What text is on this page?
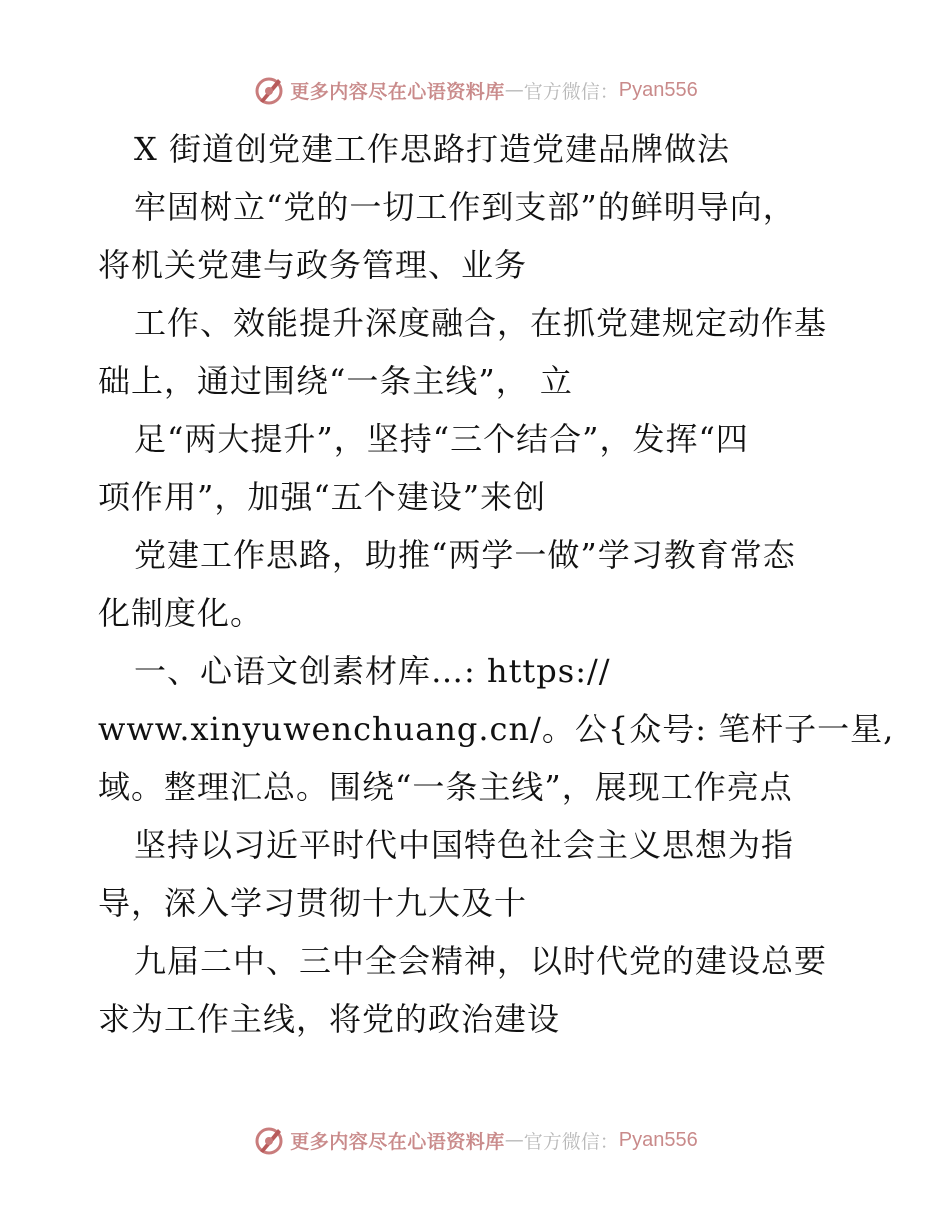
更多内容尽在心语资料库 — 官方微信： Pyan556
X 街道创党建工作思路打造党建品牌做法
牢固树立“党的一切工作到支部”的鲜明导向，
将机关党建与政务管理、业务
工作、效能提升深度融合，在抓党建规定动作基
础上，通过围绕“一条主线”， 立
足“两大提升”，坚持“三个结合”，发挥“四
项作用”，加强“五个建设”来创
党建工作思路，助推“两学一做”学习教育常态
化制度化。
一、心语文创素材库…: https://
www.xinyuwenchuang.cn/。公{众号: 笔杆子一星,
域。整理汇总。围绕“一条主线”，展现工作亮点
坚持以习近平时代中国特色社会主义思想为指
导，深入学习贯彻十九大及十
九届二中、三中全会精神，以时代党的建设总要
求为工作主线，将党的政治建设
更多内容尽在心语资料库 — 官方微信： Pyan556
